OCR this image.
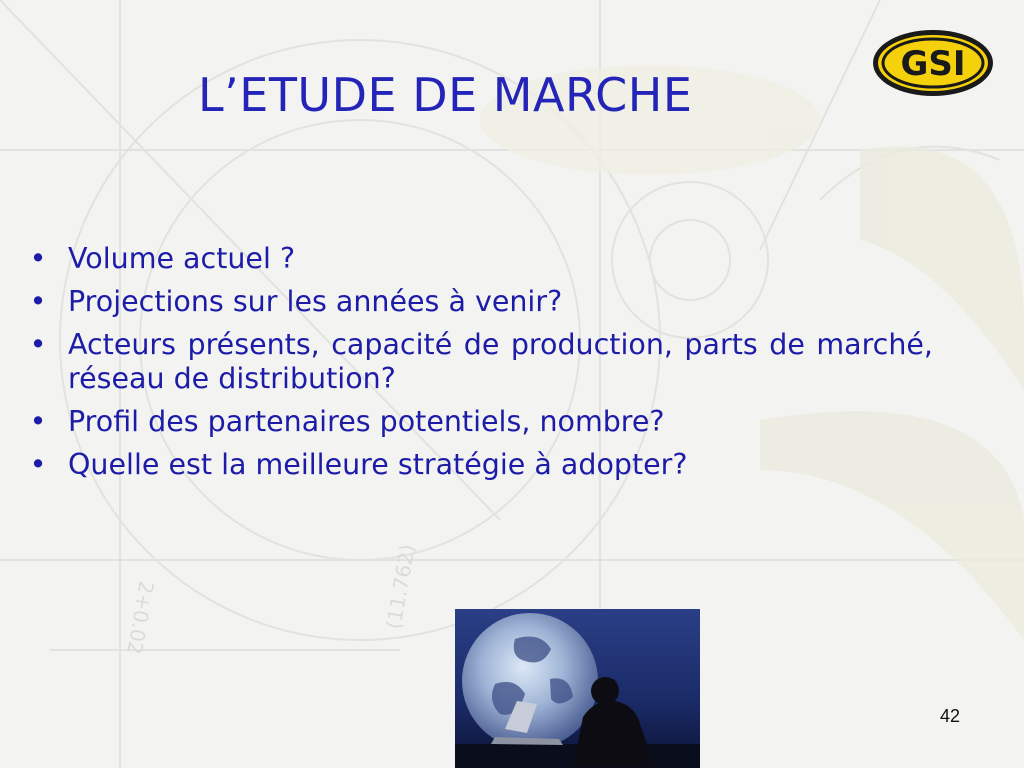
(11.762)
2+0.02
GSI
L’ETUDE DE MARCHE
• Volume actuel ?
• Projections sur les années à venir?
• Acteurs présents, capacité de production, parts de marché, réseau de distribution?
• Profil des partenaires potentiels, nombre?
• Quelle est la meilleure stratégie à adopter?
42
